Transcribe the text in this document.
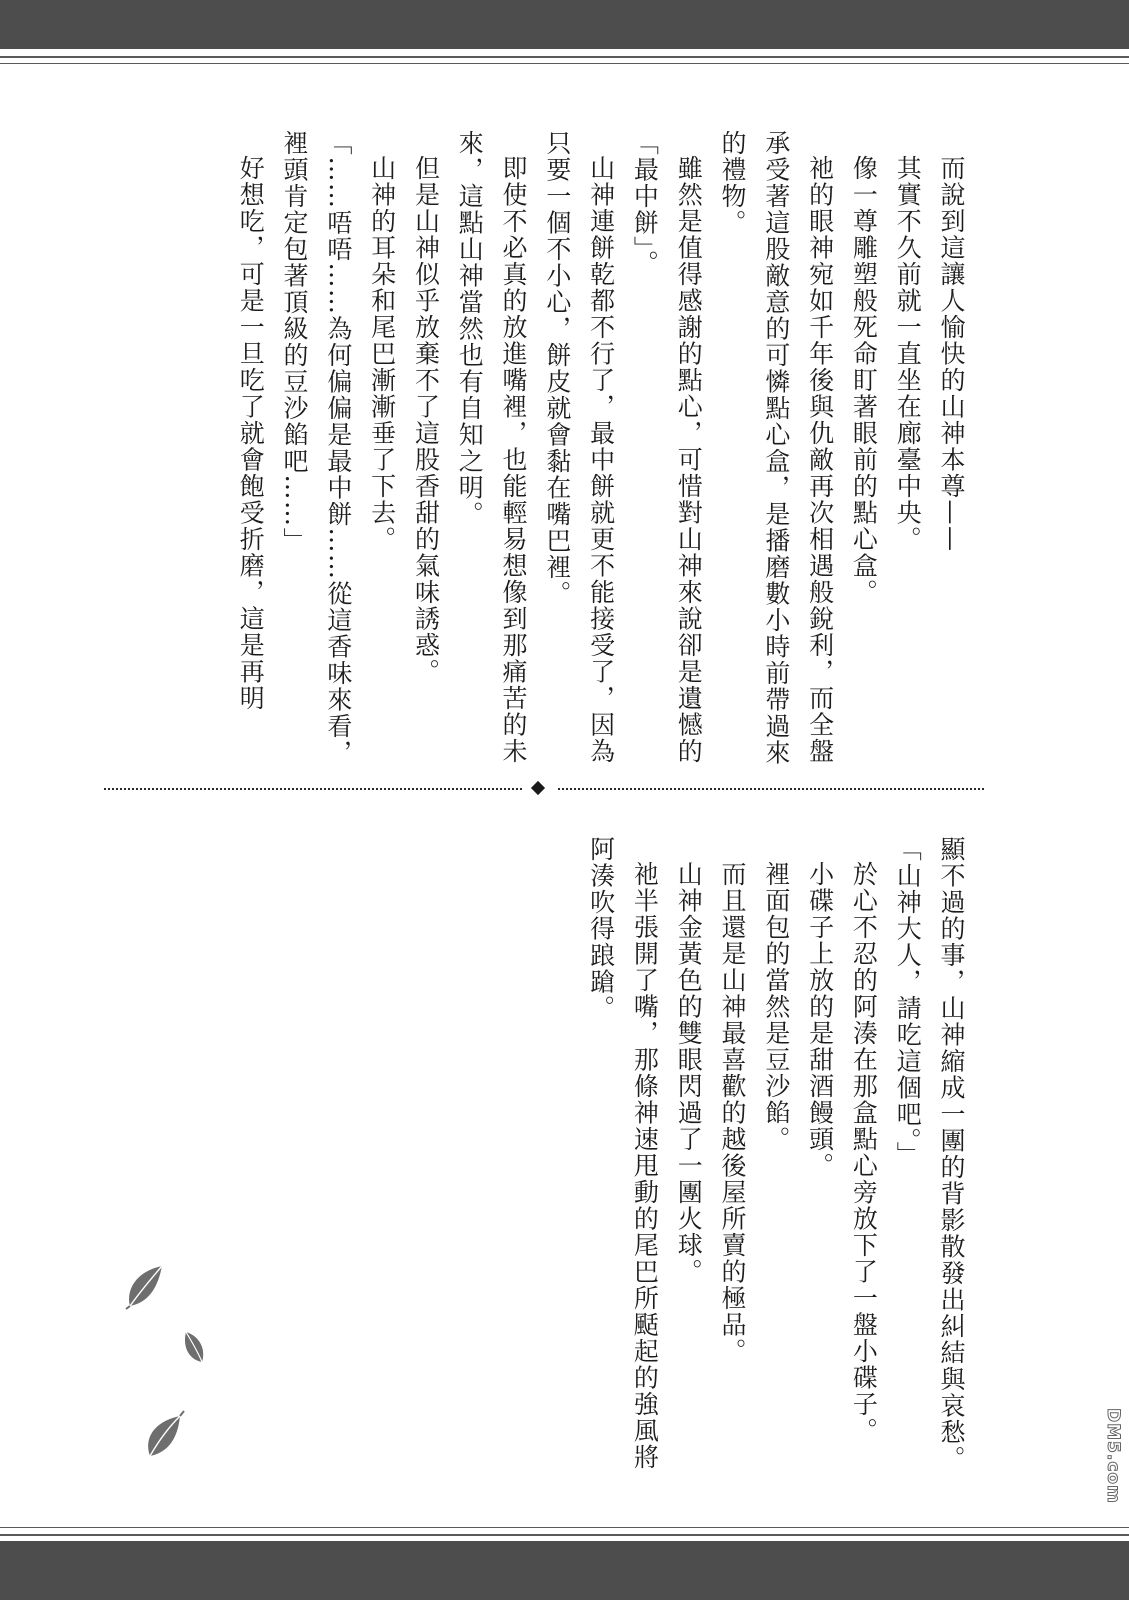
而說到這讓人愉快的山神本尊——

其實不久前就一直坐在廊臺中央。

像一尊雕塑般死命盯著眼前的點心盒。

祂的眼神宛如千年後與仇敵再次相遇般銳利，而全盤承受著這股敵意的可憐點心盒，是播磨數小時前帶過來的禮物。

雖然是值得感謝的點心，可惜對山神來說卻是遺憾的「最中餅」。

山神連餅乾都不行了，最中餅就更不能接受了，因為只要一個不小心，餅皮就會黏在嘴巴裡。

即使不必真的放進嘴裡，也能輕易想像到那痛苦的未來，這點山神當然也有自知之明。

但是山神似乎放棄不了這股香甜的氣味誘惑。

山神的耳朵和尾巴漸漸垂了下去。

「……唔唔……為何偏偏是最中餅……從這香味來看，裡頭肯定包著頂級的豆沙餡吧……」

好想吃，可是一旦吃了就會飽受折磨，這是再明

顯不過的事，山神縮成一團的背影散發出糾結與哀愁。

「山神大人，請吃這個吧。」

於心不忍的阿湊在那盒點心旁放下了一盤小碟子。

小碟子上放的是甜酒饅頭。

裡面包的當然是豆沙餡。

而且還是山神最喜歡的越後屋所賣的極品。

山神金黃色的雙眼閃過了一團火球。

祂半張開了嘴，那條神速甩動的尾巴所颳起的強風將阿湊吹得踉蹌。

DM5.com
